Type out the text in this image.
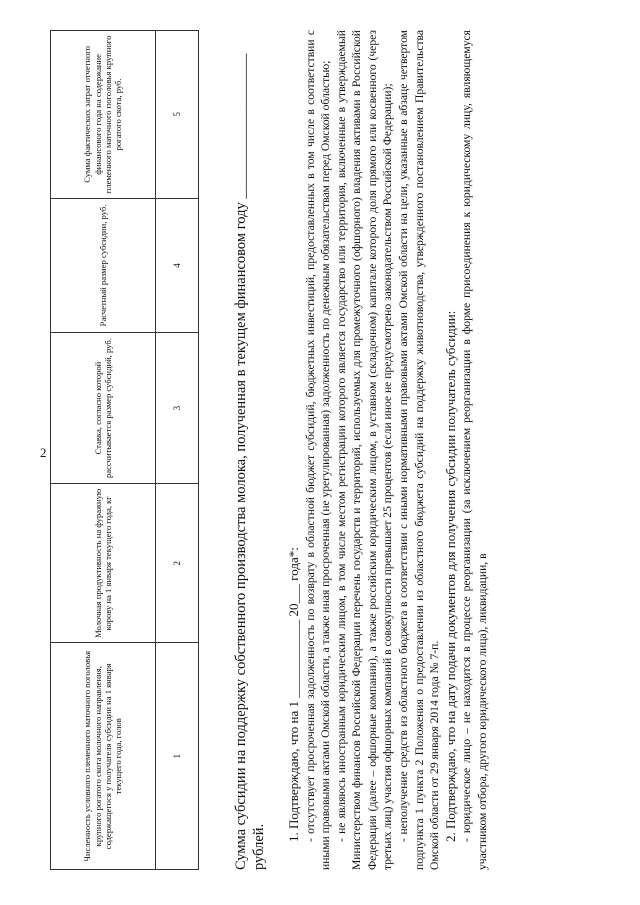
2
Численность условного племенного маточного поголовья крупного рогатого скота молочного направления, содержащегося у получателя субсидии на 1 января текущего года, голов	Молочная продуктивность на фуражную корову на 1 января текущего года, кг	Ставка, согласно которой рассчитывается размер субсидий, руб.	Расчетный размер субсидии, руб.	Сумма фактических затрат отчетного финансового года на содержание племенного маточного поголовья крупного рогатого скота, руб.
1	2	3	4	5	Сумма субсидии на поддержку собственного производства молока, полученная в текущем финансовом году ____________________ рублей.

1. Подтверждаю, что на 1 ____________ 20___ года*: - отсутствует просроченная задолженность по возврату в областной бюджет субсидий, бюджетных инвестиций, предоставленных в том числе в соответствии с иными правовыми актами Омской области, а также иная просроченная (не урегулированная) задолженность по денежным обязательствам перед Омской областью; - не являюсь иностранным юридическим лицом, в том числе местом регистрации которого является государство или территория, включенные в утверждаемый Министерством финансов Российской Федерации перечень государств и территорий, используемых для промежуточного (офшорного) владения активами в Российской Федерации (далее – офшорные компании), а также российским юридическим лицом, в уставном (складочном) капитале которого доля прямого или косвенного (через третьих лиц) участия офшорных компаний в совокупности превышает 25 процентов (если иное не предусмотрено законодательством Российской Федерации); - неполучение средств из областного бюджета в соответствии с иными нормативными правовыми актами Омской области на цели, указанные в абзаце четвертом подпункта 1 пункта 2 Положения о предоставлении из областного бюджета субсидий на поддержку животноводства, утвержденного постановлением Правительства Омской области от 29 января 2014 года № 7-п. 2. Подтверждаю, что на дату подачи документов для получения субсидии получатель субсидии: - юридическое лицо – не находится в процессе реорганизации (за исключением реорганизации в форме присоединения к юридическому лицу, являющемуся участником отбора, другого юридического лица), ликвидации, в
